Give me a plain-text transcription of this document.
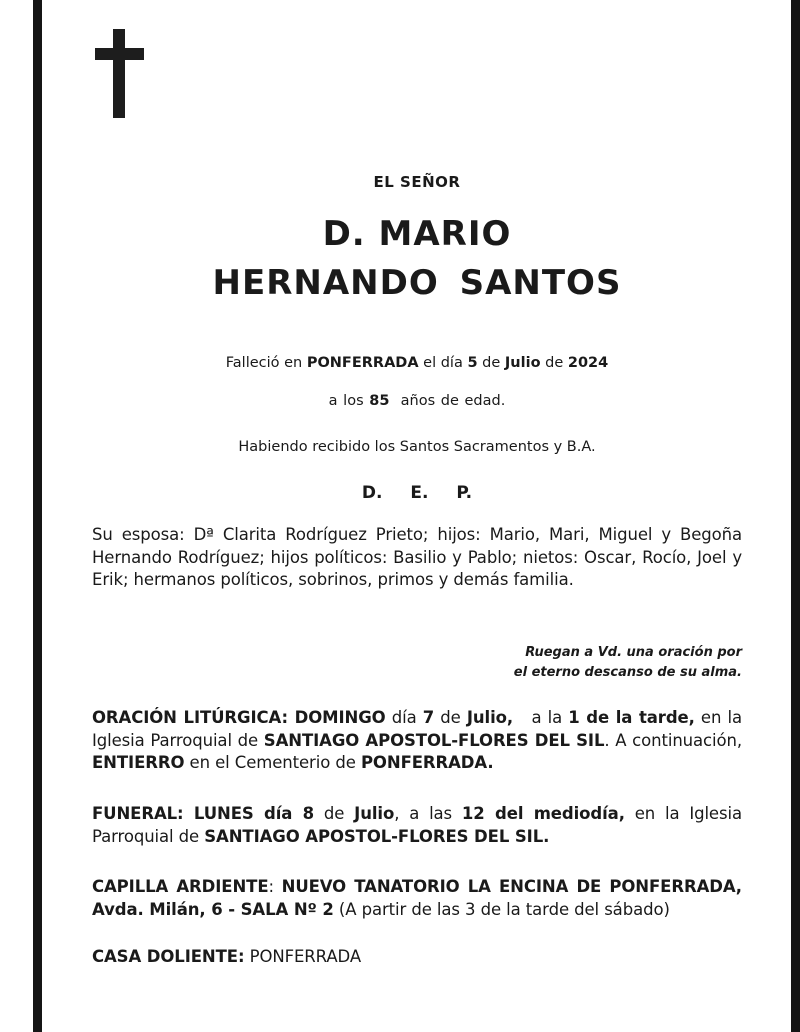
EL SEÑOR
D. MARIO
HERNANDO SANTOS
Falleció en PONFERRADA el día 5 de Julio de 2024
a los 85  años de edad.
Habiendo recibido los Santos Sacramentos y B.A.
D. E. P.
Su esposa: Dª Clarita Rodríguez Prieto; hijos: Mario, Mari, Miguel y Begoña Hernando Rodríguez; hijos políticos: Basilio y Pablo; nietos: Oscar, Rocío, Joel y Erik; hermanos políticos, sobrinos, primos y demás familia.
Ruegan a Vd. una oración por
el eterno descanso de su alma.
ORACIÓN LITÚRGICA: DOMINGO día 7 de Julio,   a la 1 de la tarde, en la Iglesia Parroquial de SANTIAGO APOSTOL-FLORES DEL SIL. A continuación, ENTIERRO en el Cementerio de PONFERRADA.
FUNERAL: LUNES día 8 de Julio, a las 12 del mediodía, en la Iglesia Parroquial de SANTIAGO APOSTOL-FLORES DEL SIL.
CAPILLA ARDIENTE: NUEVO TANATORIO LA ENCINA DE PONFERRADA, Avda. Milán, 6 - SALA Nº 2 (A partir de las 3 de la tarde del sábado)
CASA DOLIENTE: PONFERRADA
